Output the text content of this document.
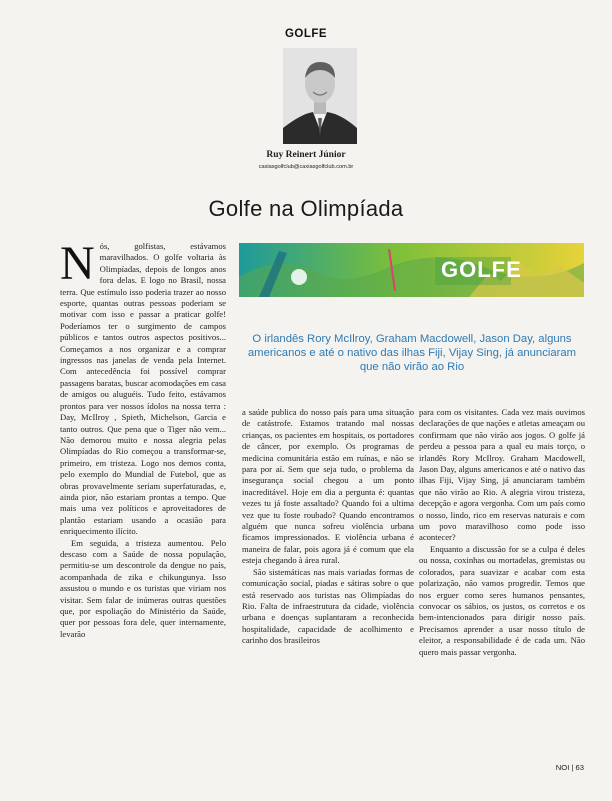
GOLFE
Ruy Reinert Júnior
caxiasgolfclub@caxiasgolfclub.com.br
Golfe na Olimpíada

Nós, golfistas, estávamos maravilhados. O golfe voltaria às Olimpíadas, depois de longos anos fora delas. E logo no Brasil, nossa terra. Que estímulo isso poderia trazer ao nosso esporte, quantas outras pessoas poderiam se motivar com isso e passar a praticar golfe! Poderíamos ter o surgimento de campos públicos e tantos outros aspectos positivos... Começamos a nos organizar e a comprar ingressos nas janelas de venda pela Internet. Com antecedência foi possível comprar passagens baratas, buscar acomodações em casa de amigos ou aluguéis. Tudo feito, estávamos prontos para ver nossos ídolos na nossa terra : Day, McIlroy , Spieth, Michelson, Garcia e tanto outros. Que pena que o Tiger não vem... Não demorou muito e nossa alegria pelas Olimpíadas do Rio começou a transformar-se, primeiro, em tristeza. Logo nos demos conta, pelo exemplo do Mundial de Futebol, que as obras provavelmente seriam superfaturadas, e, ainda pior, não estariam prontas a tempo. Que mais uma vez políticos e aproveitadores de plantão estariam usando a ocasião para enriquecimento ilícito.

Em seguida, a tristeza aumentou. Pelo descaso com a Saúde de nossa população, permitiu-se um descontrole da dengue no país, acompanhada de zika e chikungunya. Isso assustou o mundo e os turistas que viriam nos visitar. Sem falar de inúmeras outras questões que, por espoliação do Ministério da Saúde, quer por pessoas fora dele, quer internamente, levarão

GOLFE
O irlandês Rory McIlroy, Graham Macdowell, Jason Day, alguns americanos e até o nativo das ilhas Fiji, Vijay Sing, já anunciaram que não virão ao Rio

a saúde publica do nosso país para uma situação de catástrofe. Estamos tratando mal nossas crianças, os pacientes em hospitais, os portadores de câncer, por exemplo. Os programas de medicina comunitária estão em ruínas, e não se para por aí. Sem que seja tudo, o problema da insegurança social chegou a um ponto inacreditável. Hoje em dia a pergunta é: quantas vezes tu já foste assaltado? Quando foi a ultima vez que tu foste roubado? Quando encontramos alguém que nunca sofreu violência urbana ficamos impressionados. E violência urbana é maneira de falar, pois agora já é comum que ela esteja chegando à área rural.

São sistemáticas nas mais variadas formas de comunicação social, piadas e sátiras sobre o que está reservado aos turistas nas Olimpíadas do Rio. Falta de infraestrutura da cidade, violência urbana e doenças suplantaram a reconhecida hospitalidade, capacidade de acolhimento e carinho dos brasileiros

para com os visitantes. Cada vez mais ouvimos declarações de que nações e atletas ameaçam ou confirmam que não virão aos jogos. O golfe já perdeu a pessoa para a qual eu mais torço, o irlandês Rory McIlroy. Graham Macdowell, Jason Day, alguns americanos e até o nativo das ilhas Fiji, Vijay Sing, já anunciaram também que não virão ao Rio. A alegria virou tristeza, decepção e agora vergonha. Com um país como o nosso, lindo, rico em reservas naturais e com um povo maravilhoso como pode isso acontecer?

Enquanto a discussão for se a culpa é deles ou nossa, coxinhas ou mortadelas, gremistas ou colorados, para suavizar e acabar com esta polarização, não vamos progredir. Temos que nos erguer como seres humanos pensantes, convocar os sábios, os justos, os corretos e os bem-intencionados para dirigir nosso país. Precisamos aprender a usar nosso título de eleitor, a responsabilidade é de cada um. Não quero mais passar vergonha.

NOI | 63
